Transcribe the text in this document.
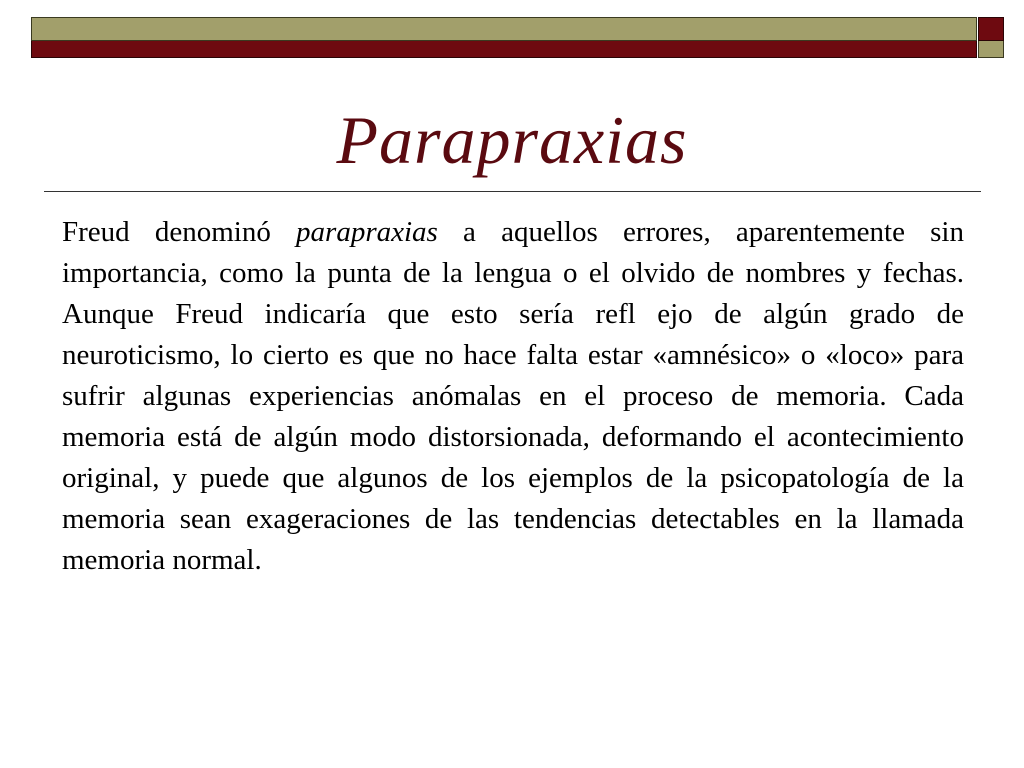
Parapraxias

Freud denominó parapraxias a aquellos errores, aparentemente sin importancia, como la punta de la lengua o el olvido de nombres y fechas. Aunque Freud indicaría que esto sería refl ejo de algún grado de neuroticismo, lo cierto es que no hace falta estar «amnésico» o «loco» para sufrir algunas experiencias anómalas en el proceso de memoria. Cada memoria está de algún modo distorsionada, deformando el acontecimiento original, y puede que algunos de los ejemplos de la psicopatología de la memoria sean exageraciones de las tendencias detectables en la llamada memoria normal.
